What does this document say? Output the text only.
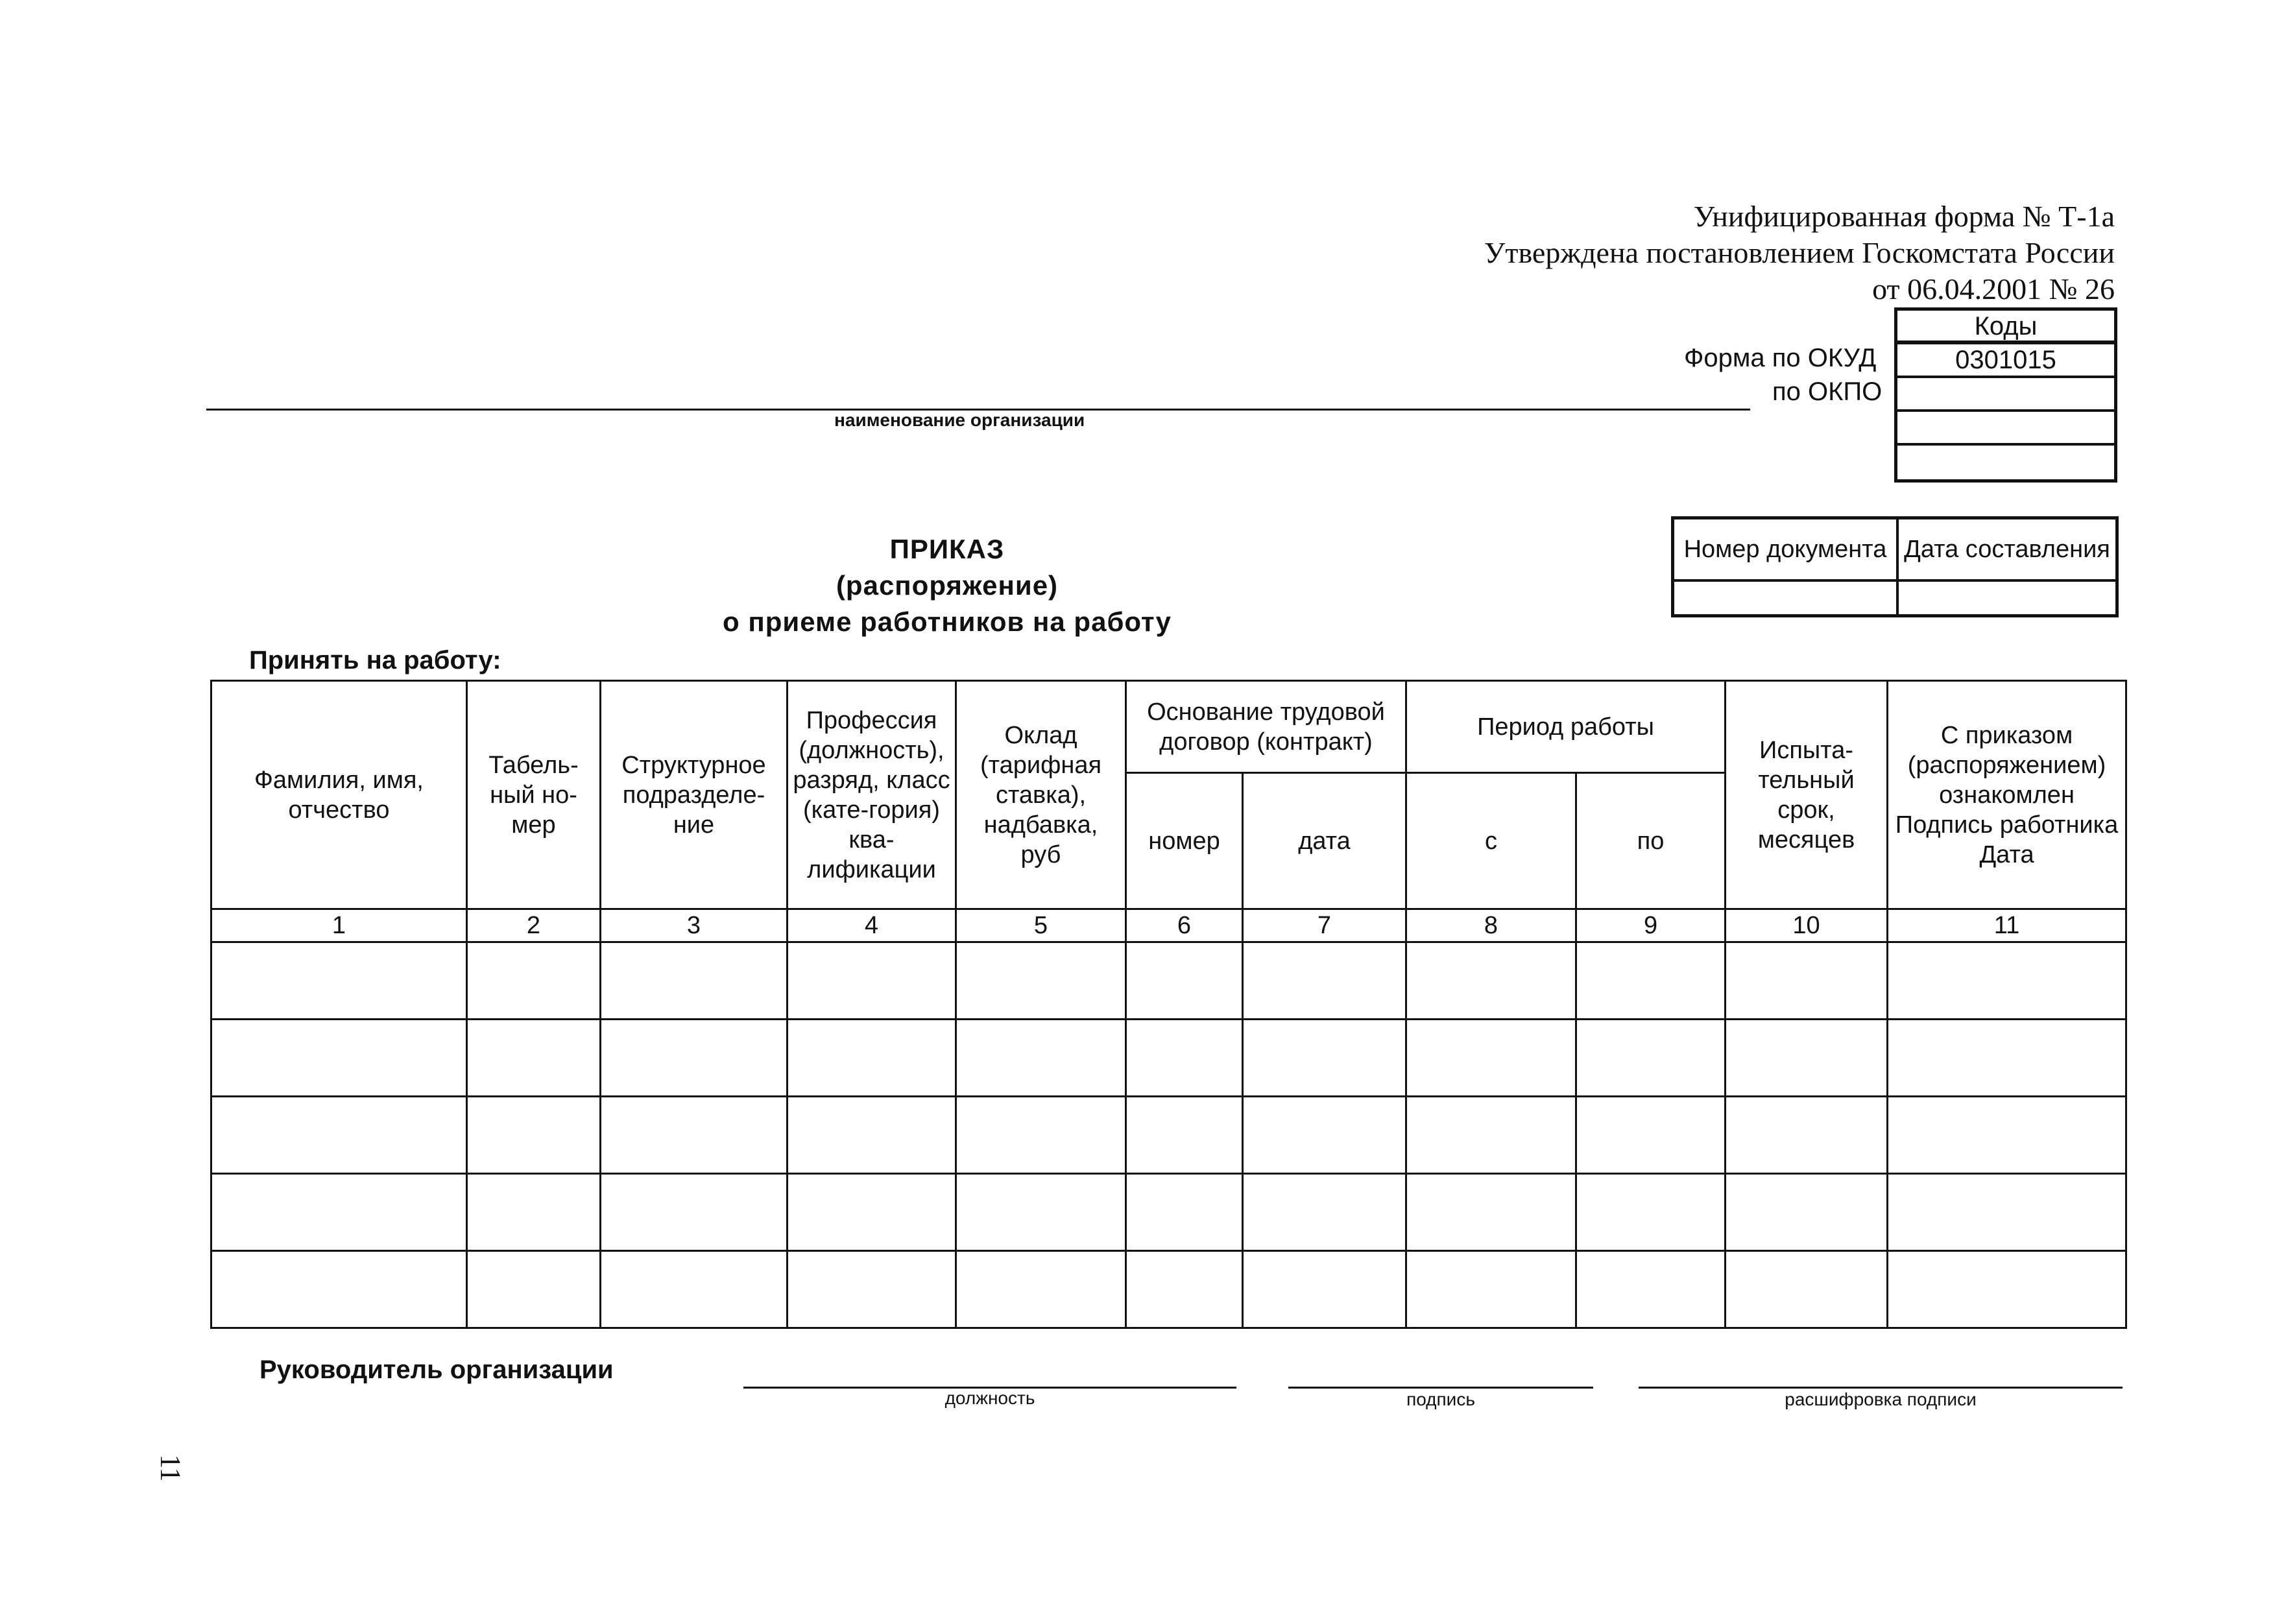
Унифицированная форма № Т-1а
Утверждена постановлением Госкомстата России
от 06.04.2001 № 26
Коды
0301015
Форма по ОКУД
по ОКПО
наименование организации
Номер документа Дата составления
ПРИКАЗ
(распоряжение)
о приеме работников на работу
Принять на работу:
Фамилия, имя, отчество	Табель-ный но-мер	Структурное подразделе-ние	Профессия (должность), разряд, класс (кате-гория) ква-лификации	Оклад (тарифная ставка), надбавка, руб	Основание трудовой договор (контракт)		Период работы		Испыта-тельный срок, месяцев	С приказом (распоряжением) ознакомлен Подпись работника Дата
					номер	дата	с	по		
1	2	3	4	5	6	7	8	9	10	11

Руководитель организации
должность	подпись	расшифровка подписи
11
